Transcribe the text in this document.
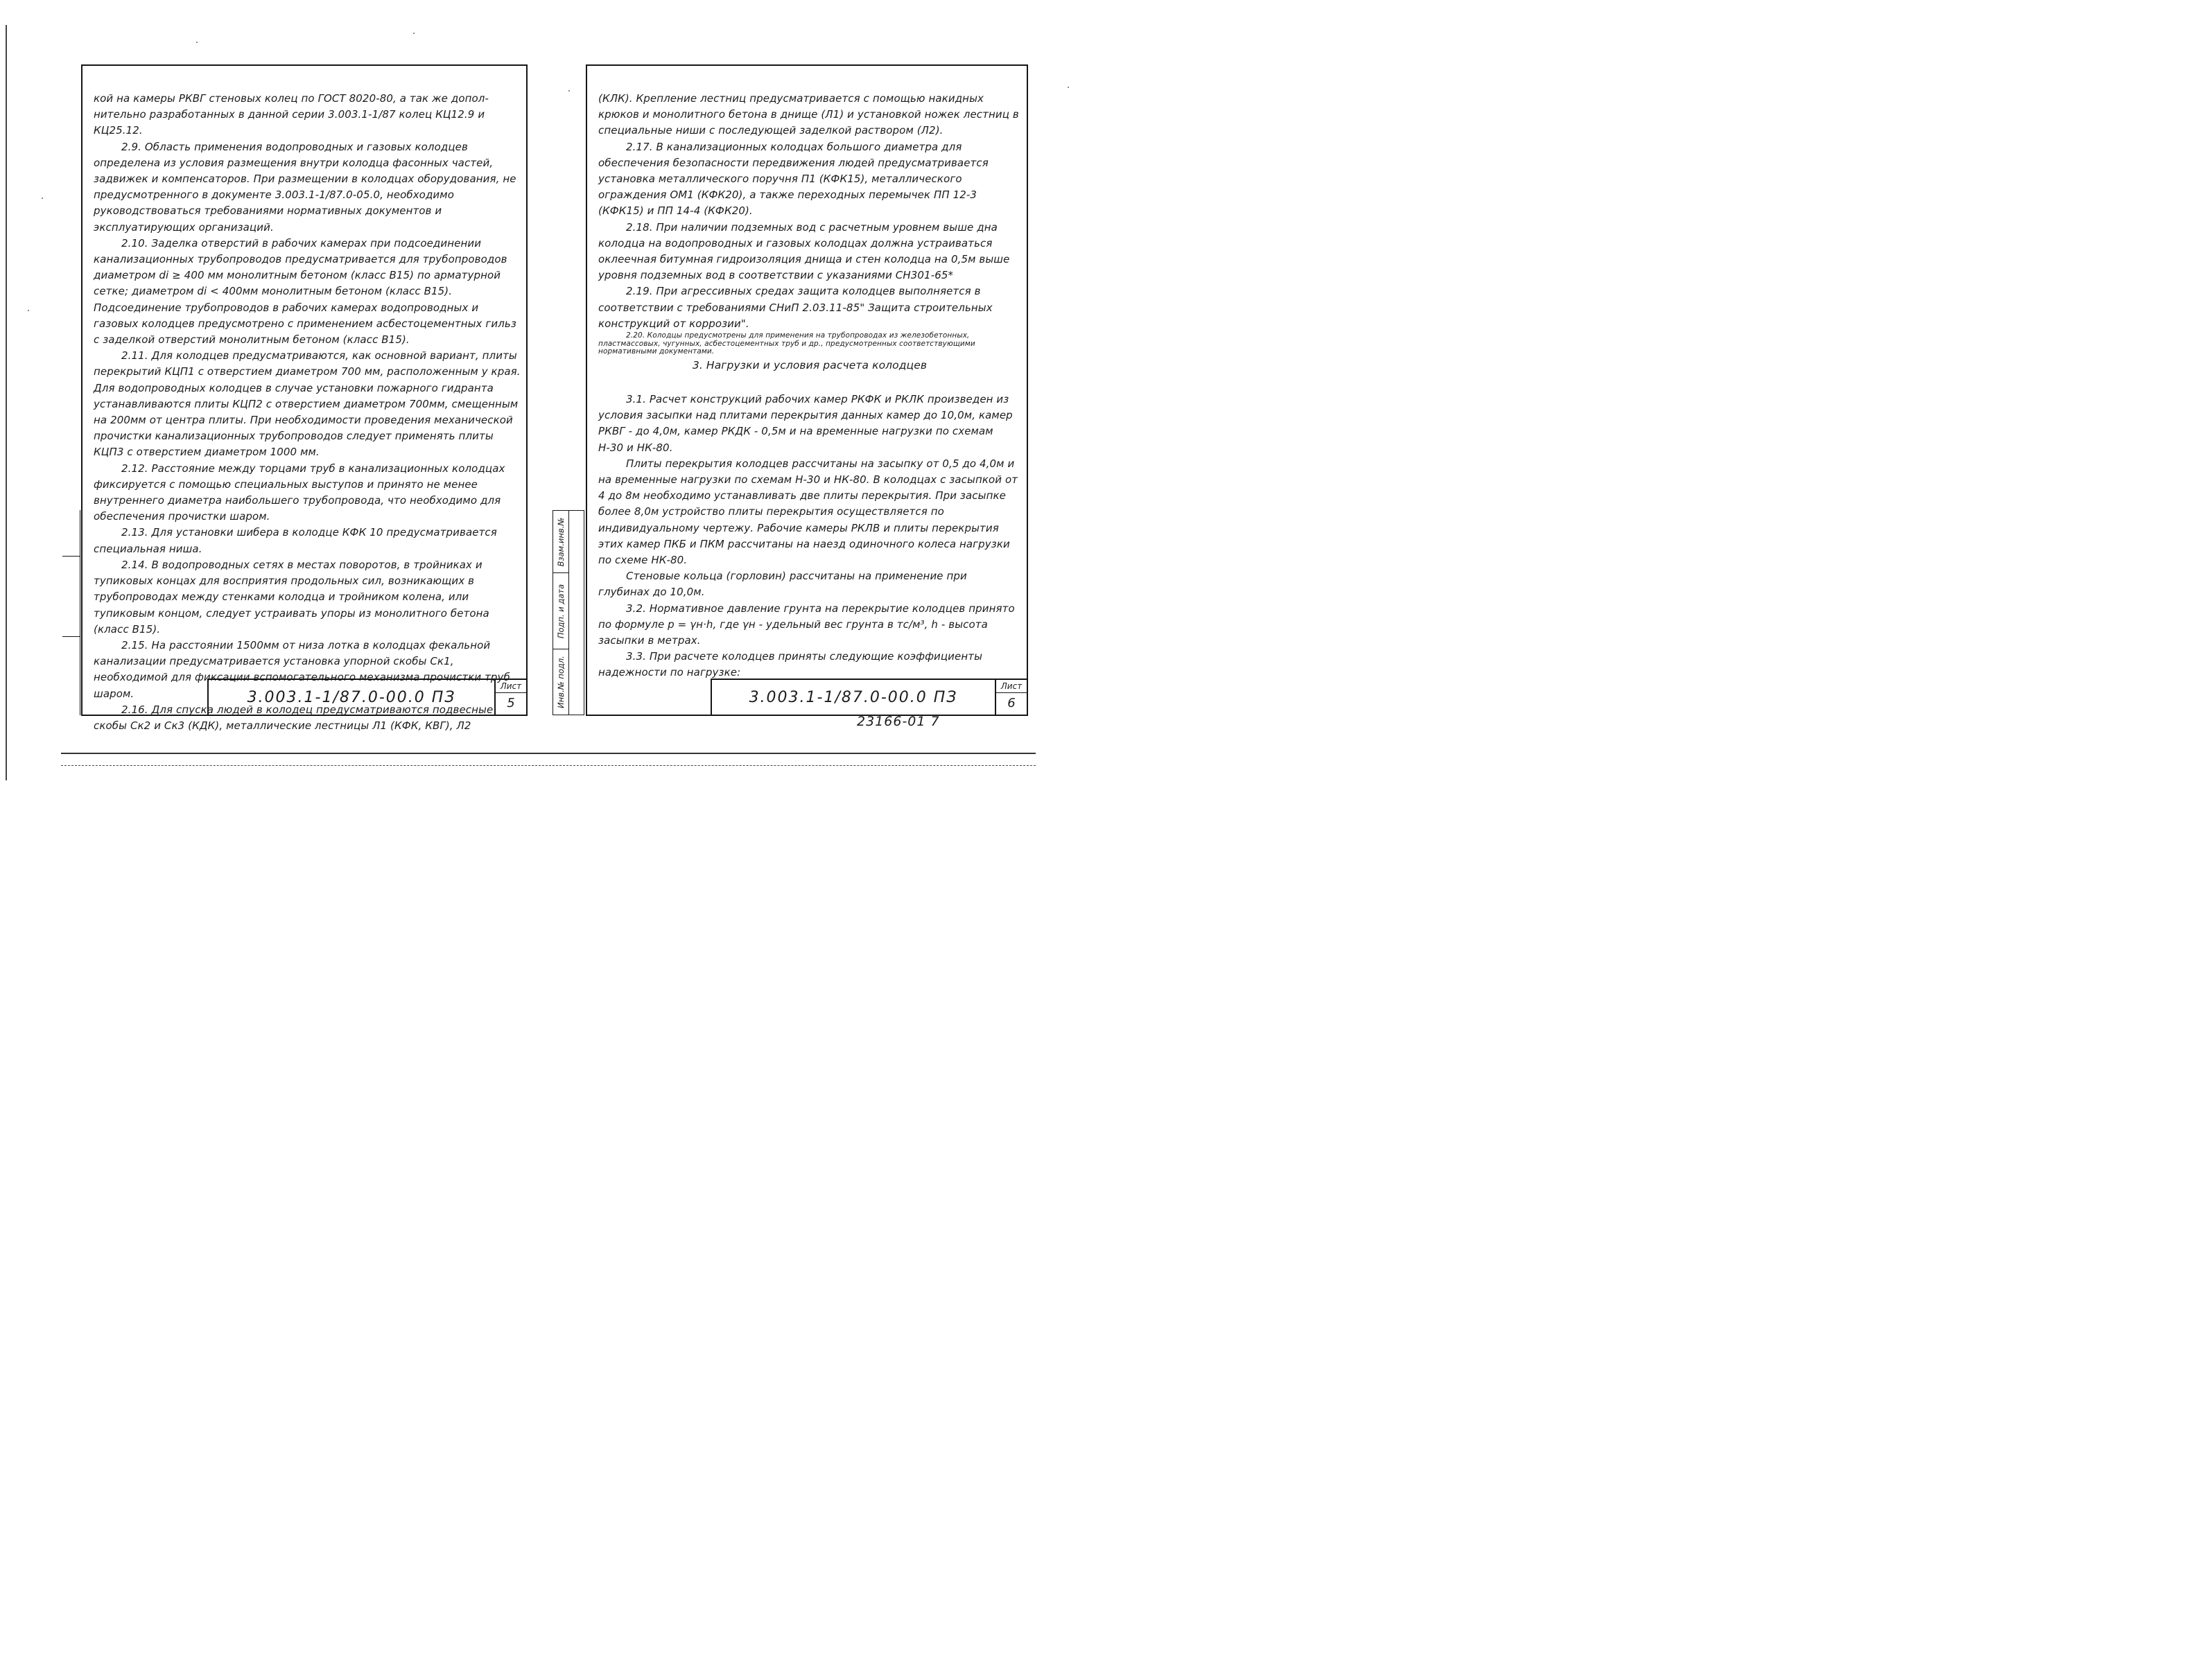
кой на камеры РКВГ стеновых колец по ГОСТ 8020-80, а так же допол-нительно разработанных в данной серии 3.003.1-1/87 колец КЦ12.9 и КЦ25.12.

2.9. Область применения водопроводных и газовых колодцев определена из условия размещения внутри колодца фасонных частей, задвижек и компенсаторов. При размещении в колодцах оборудования, не предусмотренного в документе 3.003.1-1/87.0-05.0, необходимо руководствоваться требованиями нормативных документов и эксплуатирующих организаций.

2.10. Заделка отверстий в рабочих камерах при подсоединении канализационных трубопроводов предусматривается для трубопроводов диаметром di ≥ 400 мм монолитным бетоном (класс В15) по арматурной сетке; диаметром di < 400мм монолитным бетоном (класс В15). Подсоединение трубопроводов в рабочих камерах водопроводных и газовых колодцев предусмотрено с применением асбестоцементных гильз с заделкой отверстий монолитным бетоном (класс В15).

2.11. Для колодцев предусматриваются, как основной вариант, плиты перекрытий КЦП1 с отверстием диаметром 700 мм, расположенным у края. Для водопроводных колодцев в случае установки пожарного гидранта устанавливаются плиты КЦП2 с отверстием диаметром 700мм, смещенным на 200мм от центра плиты. При необходимости проведения механической прочистки канализационных трубопроводов следует применять плиты КЦП3 с отверстием диаметром 1000 мм.

2.12. Расстояние между торцами труб в канализационных колодцах фиксируется с помощью специальных выступов и принято не менее внутреннего диаметра наибольшего трубопровода, что необходимо для обеспечения прочистки шаром.

2.13. Для установки шибера в колодце КФК 10 предусматривается специальная ниша.

2.14. В водопроводных сетях в местах поворотов, в тройниках и тупиковых концах для восприятия продольных сил, возникающих в трубопроводах между стенками колодца и тройником колена, или тупиковым концом, следует устраивать упоры из монолитного бетона (класс В15).

2.15. На расстоянии 1500мм от низа лотка в колодцах фекальной канализации предусматривается установка упорной скобы Ск1, необходимой для фиксации вспомогательного механизма прочистки труб шаром.

2.16. Для спуска людей в колодец предусматриваются подвесные скобы Ск2 и Ск3 (КДК), металлические лестницы Л1 (КФК, КВГ), Л2

3.003.1-1/87.0-00.0 ПЗ
Лист
5
Взам.инв.№
Подп. и дата
Инв.№ подл.

(КЛК). Крепление лестниц предусматривается с помощью накидных крюков и монолитного бетона в днище (Л1) и установкой ножек лестниц в специальные ниши с последующей заделкой раствором (Л2).

2.17. В канализационных колодцах большого диаметра для обеспечения безопасности передвижения людей предусматривается установка металлического поручня П1 (КФК15), металлического ограждения ОМ1 (КФК20), а также переходных перемычек ПП 12-3 (КФК15) и ПП 14-4 (КФК20).

2.18. При наличии подземных вод с расчетным уровнем выше дна колодца на водопроводных и газовых колодцах должна устраиваться оклеечная битумная гидроизоляция днища и стен колодца на 0,5м выше уровня подземных вод в соответствии с указаниями СН301-65*

2.19. При агрессивных средах защита колодцев выполняется в соответствии с требованиями СНиП 2.03.11-85" Защита строительных конструкций от коррозии".

2.20. Колодцы предусмотрены для применения на трубопроводах из железобетонных, пластмассовых, чугунных, асбестоцементных труб и др., предусмотренных соответствующими нормативными документами.

3. Нагрузки и условия расчета колодцев

3.1. Расчет конструкций рабочих камер РКФК и РКЛК произведен из условия засыпки над плитами перекрытия данных камер до 10,0м, камер РКВГ - до 4,0м, камер РКДК - 0,5м и на временные нагрузки по схемам Н-30 и НК-80.

Плиты перекрытия колодцев рассчитаны на засыпку от 0,5 до 4,0м и на временные нагрузки по схемам Н-30 и НК-80. В колодцах с засыпкой от 4 до 8м необходимо устанавливать две плиты перекрытия. При засыпке более 8,0м устройство плиты перекрытия осуществляется по индивидуальному чертежу. Рабочие камеры РКЛВ и плиты перекрытия этих камер ПКБ и ПКМ рассчитаны на наезд одиночного колеса нагрузки по схеме НК-80.

Стеновые кольца (горловин) рассчитаны на применение при глубинах до 10,0м.

3.2. Нормативное давление грунта на перекрытие колодцев принято по формуле p = γн·h, где γн - удельный вес грунта в тс/м³, h - высота засыпки в метрах.

3.3. При расчете колодцев приняты следующие коэффициенты надежности по нагрузке:

3.003.1-1/87.0-00.0 ПЗ
Лист
6
23166-01 7
